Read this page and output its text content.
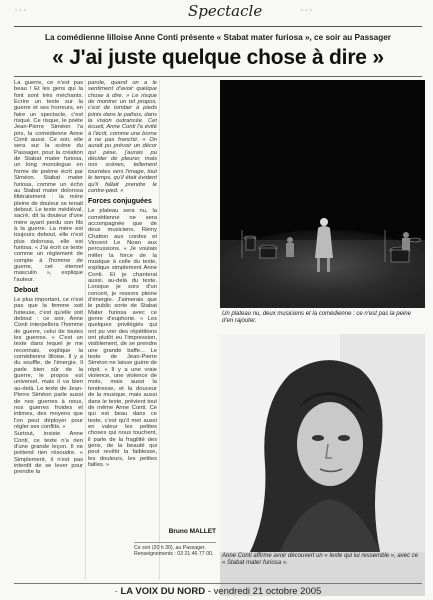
…	…
Spectacle
La comédienne lilloise Anne Conti présente « Stabat mater furiosa », ce soir au Passager
« J'ai juste quelque chose à dire »

La guerre, ce n'est pas beau ! Et les gens qui la font sont très méchants. Ecrire un texte sur la guerre et ses horreurs, en faire un spectacle, c'est risqué. Ce risque, le poète Jean-Pierre Siméon l'a pris, la comédienne Anne Conti aussi. Ce soir, elle sera sur la scène du Passager, pour la création de Stabat mater furiosa, un long monologue en forme de poème écrit par Siméon. Stabat mater furiosa, comme un écho au Stabat mater dolorosa littéralement : la mère pleine de douleur se tenait debout. Le texte médiéval, sacré, dit la douleur d'une mère ayant perdu son fils à la guerre. La mère est toujours debout, elle n'est plus dolorosa, elle est furiosa. « J'ai écrit ce texte comme un règlement de compte à l'homme de guerre, cet éternel masculin », explique l'auteur.

Debout

Le plus important, ce n'est pas que la femme soit furieuse, c'est qu'elle soit debout : ce soir, Anne Conti interpellera l'homme de guerre, celui de toutes les guerres. « C'est un texte dans lequel je me reconnais, explique la comédienne lilloise. Il y a du souffle, de l'énergie. Il parle bien sûr de la guerre, le propos est universel, mais il va bien au-delà. Le texte de Jean-Pierre Siméon parle aussi de nos guerres à nous, nos guerres froides et intimes, des moyens que l'on peut déployer pour régler ses conflits. »

Surtout, insiste Anne Conti, ce texte n'a rien d'une grande leçon. Il ne prétend rien résoudre. « Simplement, il n'est pas interdit de se lever pour prendre la

parole, quand on a le sentiment d'avoir quelque chose à dire. » Le risque de montrer un tel propos, c'est de tomber à pieds joints dans le pathos, dans la vision outrancée. Cet écueil, Anne Conti l'a évité à l'écrit, comme une borne à ne pas franchir. « On aurait pu prévoir un décor qui pèse, j'aurais pu décider de pleurer, mais nos scènes, tellement tournées vers l'image, tout le temps, qu'il était évident qu'il fallait prendre le contre-pied. »

Forces conjuguées

Le plateau sera nu, la comédienne ne sera accompagnée que de deux musiciens, Rémy Chatton aux cordes et Vincent Le Noan aux percussions. « Je voulais mêler la force de la musique à celle du texte, explique simplement Anne Conti. Et je chanterai aussi, au-delà du texte. Lorsque je sors d'un concert, je ressors pleine d'énergie. J'aimerais que le public sorte de Stabat Mater furiosa avec ce genre d'euphorie. » Les quelques privilégiés qui ont pu voir des répétitions ont plutôt eu l'impression, visiblement, de se prendre une grande baffe... Le texte de Jean-Pierre Siméon ne laisse guère de répit. « Il y a une vraie violence, une violence de mots, mais aussi la tendresse, et la douceur de la musique, mais aussi dans le texte, prévient tout de même Anne Conti. Ce qui est beau dans ce texte, c'est qu'il met aussi en valeur les petites choses qui nous touchent, il parle de la fragilité des gens, de la beauté qui peut revêtir la faiblesse, les douleurs, les petites failles. »

Bruno MALLET
Ce soir (20 h 30), au Passager. Renseignements : 03 21 46 77 00.
Un plateau nu, deux musiciens et la comédienne : ce n'est pas la peine d'en rajouter.
Anne Conti affirme avoir découvert un « texte qui lui ressemble », avec ce « Stabat mater furiosa ».
· LA VOIX DU NORD - vendredi 21 octobre 2005
